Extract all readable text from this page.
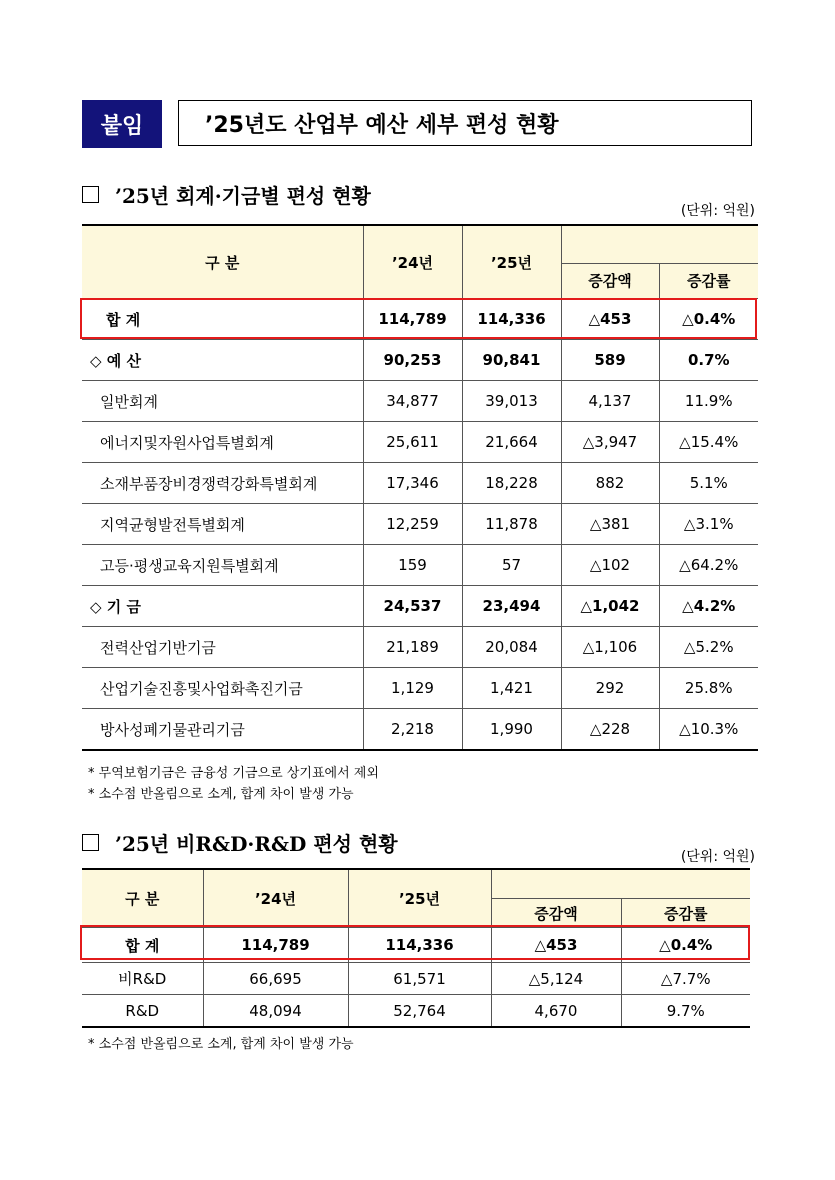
붙임	’25년도 산업부 예산 세부 편성 현황
’25년 회계·기금별 편성 현황
(단위: 억원)
구 분	’24년	’25년		
			증감액	증감률
합 계	114,789	114,336	△453	△0.4%
◇ 예 산	90,253	90,841	589	0.7%
일반회계	34,877	39,013	4,137	11.9%
에너지및자원사업특별회계	25,611	21,664	△3,947	△15.4%
소재부품장비경쟁력강화특별회계	17,346	18,228	882	5.1%
지역균형발전특별회계	12,259	11,878	△381	△3.1%
고등·평생교육지원특별회계	159	57	△102	△64.2%
◇ 기 금	24,537	23,494	△1,042	△4.2%
전력산업기반기금	21,189	20,084	△1,106	△5.2%
산업기술진흥및사업화촉진기금	1,129	1,421	292	25.8%
방사성폐기물관리기금	2,218	1,990	△228	△10.3%
* 무역보험기금은 금융성 기금으로 상기표에서 제외
* 소수점 반올림으로 소계, 합계 차이 발생 가능
’25년 비R&D·R&D 편성 현황
(단위: 억원)
구 분	’24년	’25년		
			증감액	증감률
합 계	114,789	114,336	△453	△0.4%
비R&D	66,695	61,571	△5,124	△7.7%
R&D	48,094	52,764	4,670	9.7%
* 소수점 반올림으로 소계, 합계 차이 발생 가능
